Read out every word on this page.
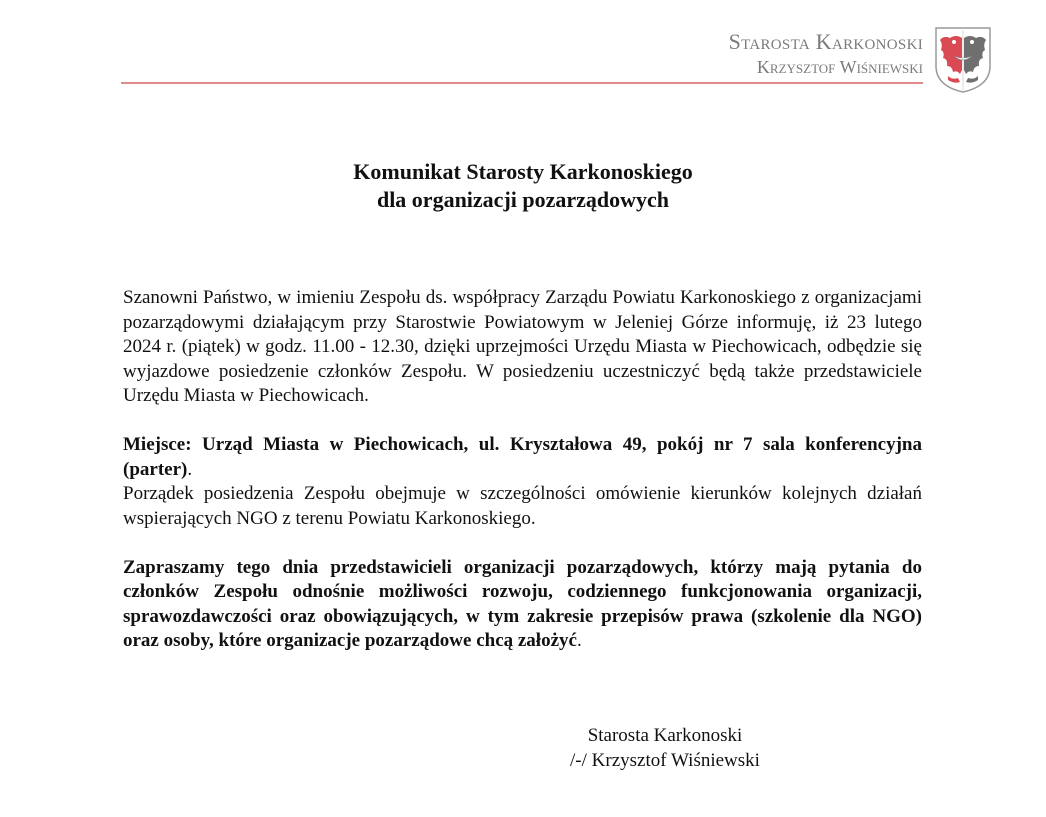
Starosta Karkonoski
Krzysztof Wiśniewski
Komunikat Starosty Karkonoskiego
dla organizacji pozarządowych

Szanowni Państwo, w imieniu Zespołu ds. współpracy Zarządu Powiatu Karkonoskiego z organizacjami pozarządowymi działającym przy Starostwie Powiatowym w Jeleniej Górze informuję, iż 23 lutego 2024 r. (piątek) w godz. 11.00 - 12.30, dzięki uprzejmości Urzędu Miasta w Piechowicach, odbędzie się wyjazdowe posiedzenie członków Zespołu. W posiedzeniu uczestniczyć będą także przedstawiciele Urzędu Miasta w Piechowicach.

Miejsce: Urząd Miasta w Piechowicach, ul. Kryształowa 49, pokój nr 7 sala konferencyjna (parter).

Porządek posiedzenia Zespołu obejmuje w szczególności omówienie kierunków kolejnych działań wspierających NGO z terenu Powiatu Karkonoskiego.

Zapraszamy tego dnia przedstawicieli organizacji pozarządowych, którzy mają pytania do członków Zespołu odnośnie możliwości rozwoju, codziennego funkcjonowania organizacji, sprawozdawczości oraz obowiązujących, w tym zakresie przepisów prawa (szkolenie dla NGO) oraz osoby, które organizacje pozarządowe chcą założyć.

Starosta Karkonoski
/-/ Krzysztof Wiśniewski
